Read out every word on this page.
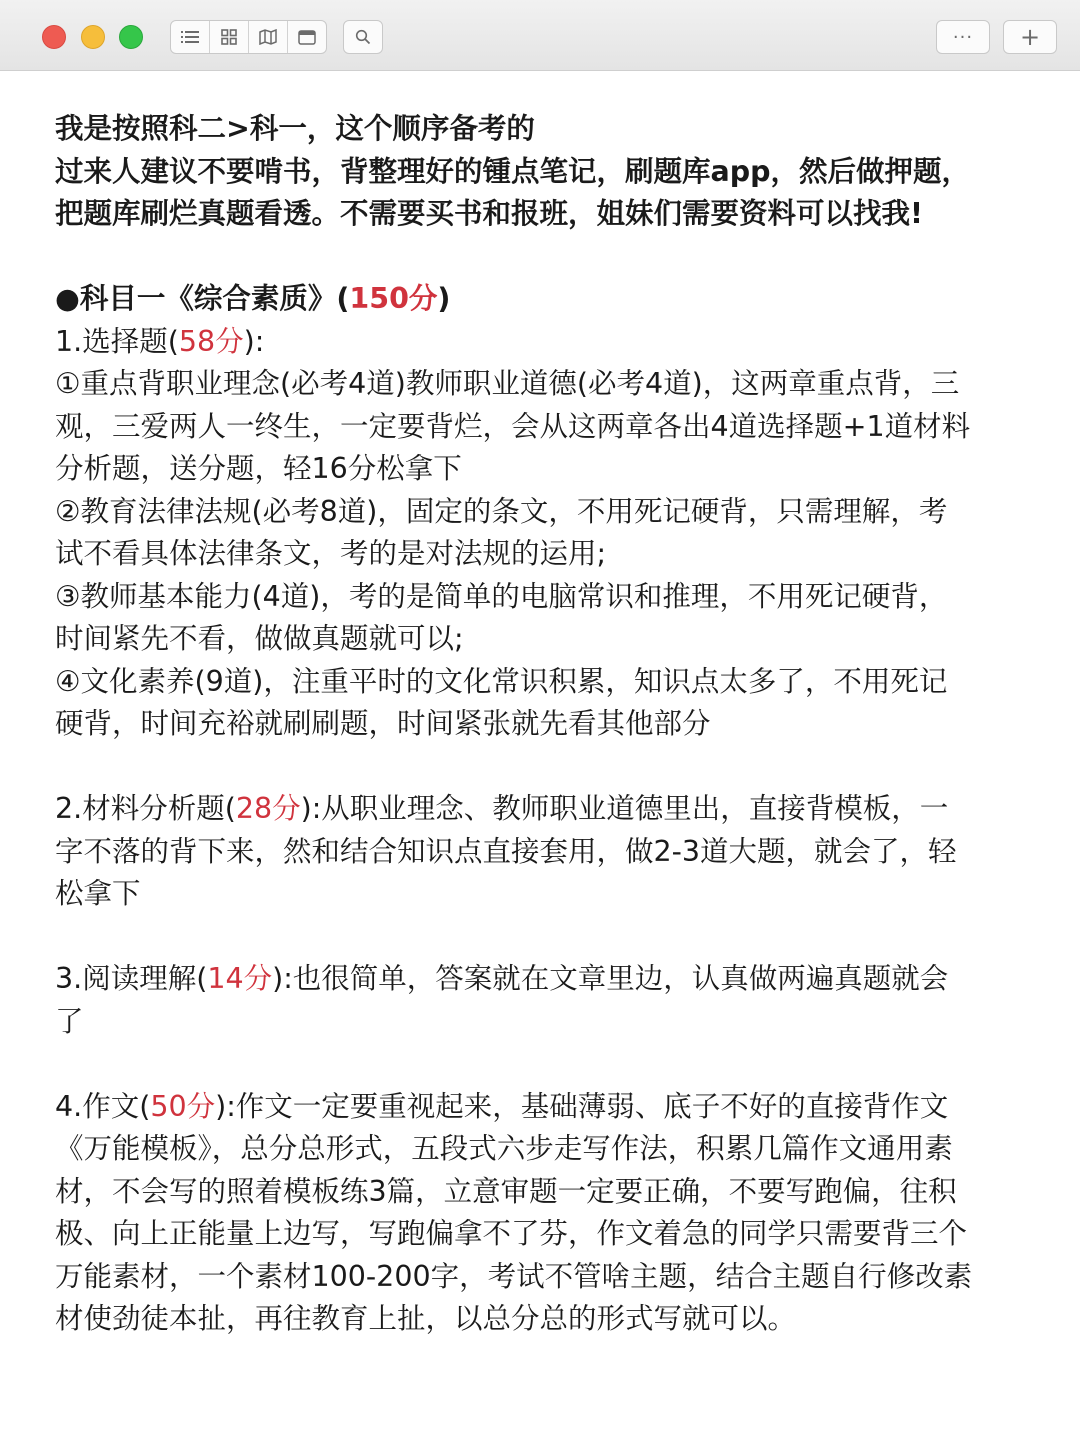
··· +

我是按照科二>科一，这个顺序备考的

过来人建议不要啃书，背整理好的锺点笔记，刷题库app，然后做押题，把题库刷烂真题看透。不需要买书和报班，姐妹们需要资料可以找我!

●科目一《综合素质》(150分)

1.选择题(58分):

①重点背职业理念(必考4道)教师职业道德(必考4道)，这两章重点背，三观，三爱两人一终生，一定要背烂，会从这两章各出4道选择题+1道材料分析题，送分题，轻16分松拿下

②教育法律法规(必考8道)，固定的条文，不用死记硬背，只需理解，考试不看具体法律条文，考的是对法规的运用;

③教师基本能力(4道)，考的是简单的电脑常识和推理，不用死记硬背，时间紧先不看，做做真题就可以;

④文化素养(9道)，注重平时的文化常识积累，知识点太多了，不用死记硬背，时间充裕就刷刷题，时间紧张就先看其他部分

2.材料分析题(28分):从职业理念、教师职业道德里出，直接背模板，一字不落的背下来，然和结合知识点直接套用，做2-3道大题，就会了，轻松拿下

3.阅读理解(14分):也很简单，答案就在文章里边，认真做两遍真题就会了

4.作文(50分):作文一定要重视起来，基础薄弱、底子不好的直接背作文《万能模板》，总分总形式，五段式六步走写作法，积累几篇作文通用素材，不会写的照着模板练3篇，立意审题一定要正确，不要写跑偏，往积极、向上正能量上边写，写跑偏拿不了芬，作文着急的同学只需要背三个万能素材，一个素材100-200字，考试不管啥主题，结合主题自行修改素材使劲徒本扯，再往教育上扯，以总分总的形式写就可以。
